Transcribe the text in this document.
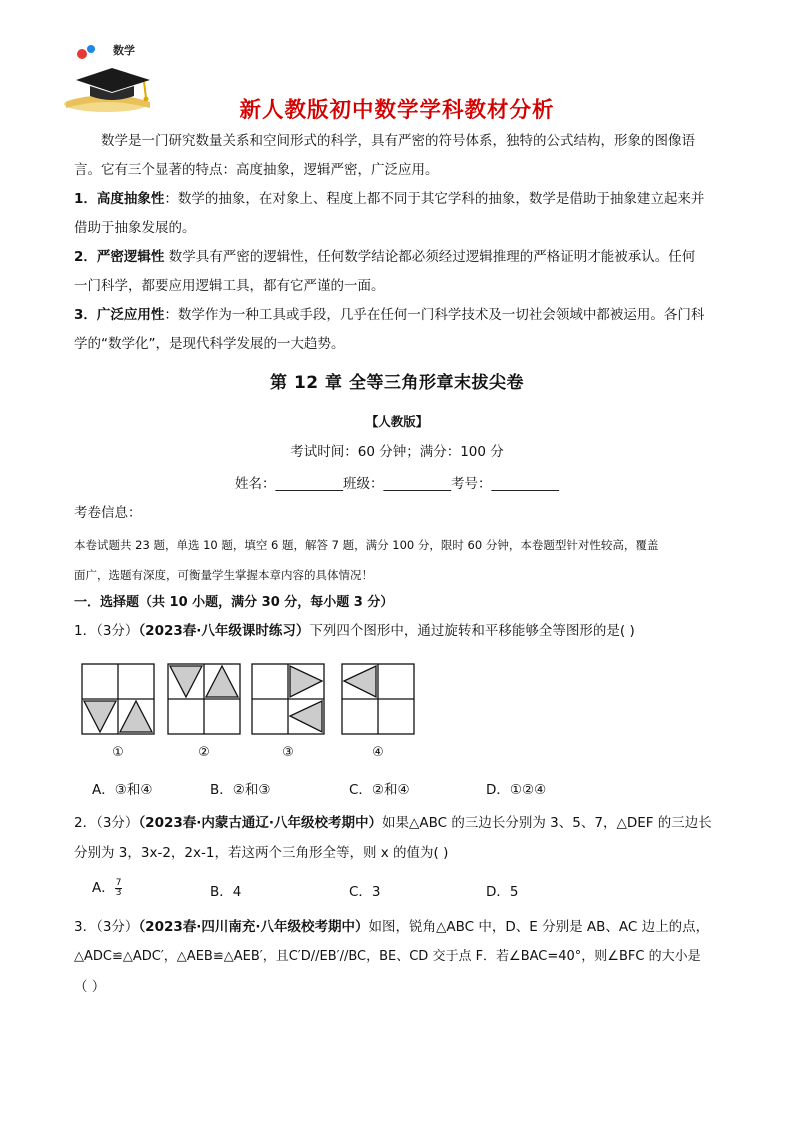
数学
新人教版初中数学学科教材分析

数学是一门研究数量关系和空间形式的科学，具有严密的符号体系，独特的公式结构，形象的图像语

言。它有三个显著的特点：高度抽象，逻辑严密，广泛应用。

1．高度抽象性：数学的抽象，在对象上、程度上都不同于其它学科的抽象，数学是借助于抽象建立起来并

借助于抽象发展的。

2．严密逻辑性 数学具有严密的逻辑性，任何数学结论都必须经过逻辑推理的严格证明才能被承认。任何

一门科学，都要应用逻辑工具，都有它严谨的一面。

3．广泛应用性：数学作为一种工具或手段，几乎在任何一门科学技术及一切社会领域中都被运用。各门科

学的“数学化”，是现代科学发展的一大趋势。

第 12 章 全等三角形章末拔尖卷
【人教版】
考试时间：60 分钟；满分：100 分
姓名：__________班级：__________考号：__________
考卷信息：
本卷试题共 23 题，单选 10 题，填空 6 题，解答 7 题，满分 100 分，限时 60 分钟，本卷题型针对性较高，覆盖
面广，选题有深度，可衡量学生掌握本章内容的具体情况！
一．选择题（共 10 小题，满分 30 分，每小题 3 分）
1．（3分）（2023春·八年级课时练习）下列四个图形中，通过旋转和平移能够全等图形的是( )
①	②	③	④
A．③和④	B．②和③	C．②和④	D．①②④
2．（3分）（2023春·内蒙古通辽·八年级校考期中）如果△ABC 的三边长分别为 3、5、7，△DEF 的三边长
分别为 3，3x-2，2x-1，若这两个三角形全等，则 x 的值为( )
A． $\frac{7}{3}$	B．4	C．3	D．5
3．（3分）（2023春·四川南充·八年级校考期中）如图，锐角△ABC 中，D、E 分别是 AB、AC 边上的点，
△ADC≌△ADC′，△AEB≌△AEB′，且C′D//EB′//BC，BE、CD 交于点 F．若∠BAC=40°，则∠BFC 的大小是
（ ）
